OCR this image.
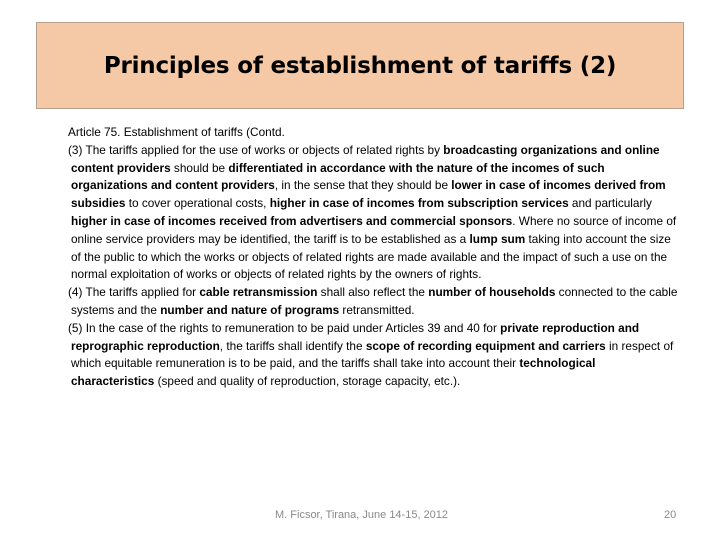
Principles of establishment of tariffs (2)

Article 75. Establishment of tariffs (Contd.

(3) The tariffs applied for the use of works or objects of related rights by broadcasting organizations and online content providers should be differentiated in accordance with the nature of the incomes of such organizations and content providers, in the sense that they should be lower in case of incomes derived from subsidies to cover operational costs, higher in case of incomes from subscription services and particularly higher in case of incomes received from advertisers and commercial sponsors. Where no source of income of online service providers may be identified, the tariff is to be established as a lump sum taking into account the size of the public to which the works or objects of related rights are made available and the impact of such a use on the normal exploitation of works or objects of related rights by the owners of rights.

(4) The tariffs applied for cable retransmission shall also reflect the number of households connected to the cable systems and the number and nature of programs retransmitted.

(5) In the case of the rights to remuneration to be paid under Articles 39 and 40 for private reproduction and reprographic reproduction, the tariffs shall identify the scope of recording equipment and carriers in respect of which equitable remuneration is to be paid, and the tariffs shall take into account their technological characteristics (speed and quality of reproduction, storage capacity, etc.).

M. Ficsor, Tirana, June 14-15, 2012	20
